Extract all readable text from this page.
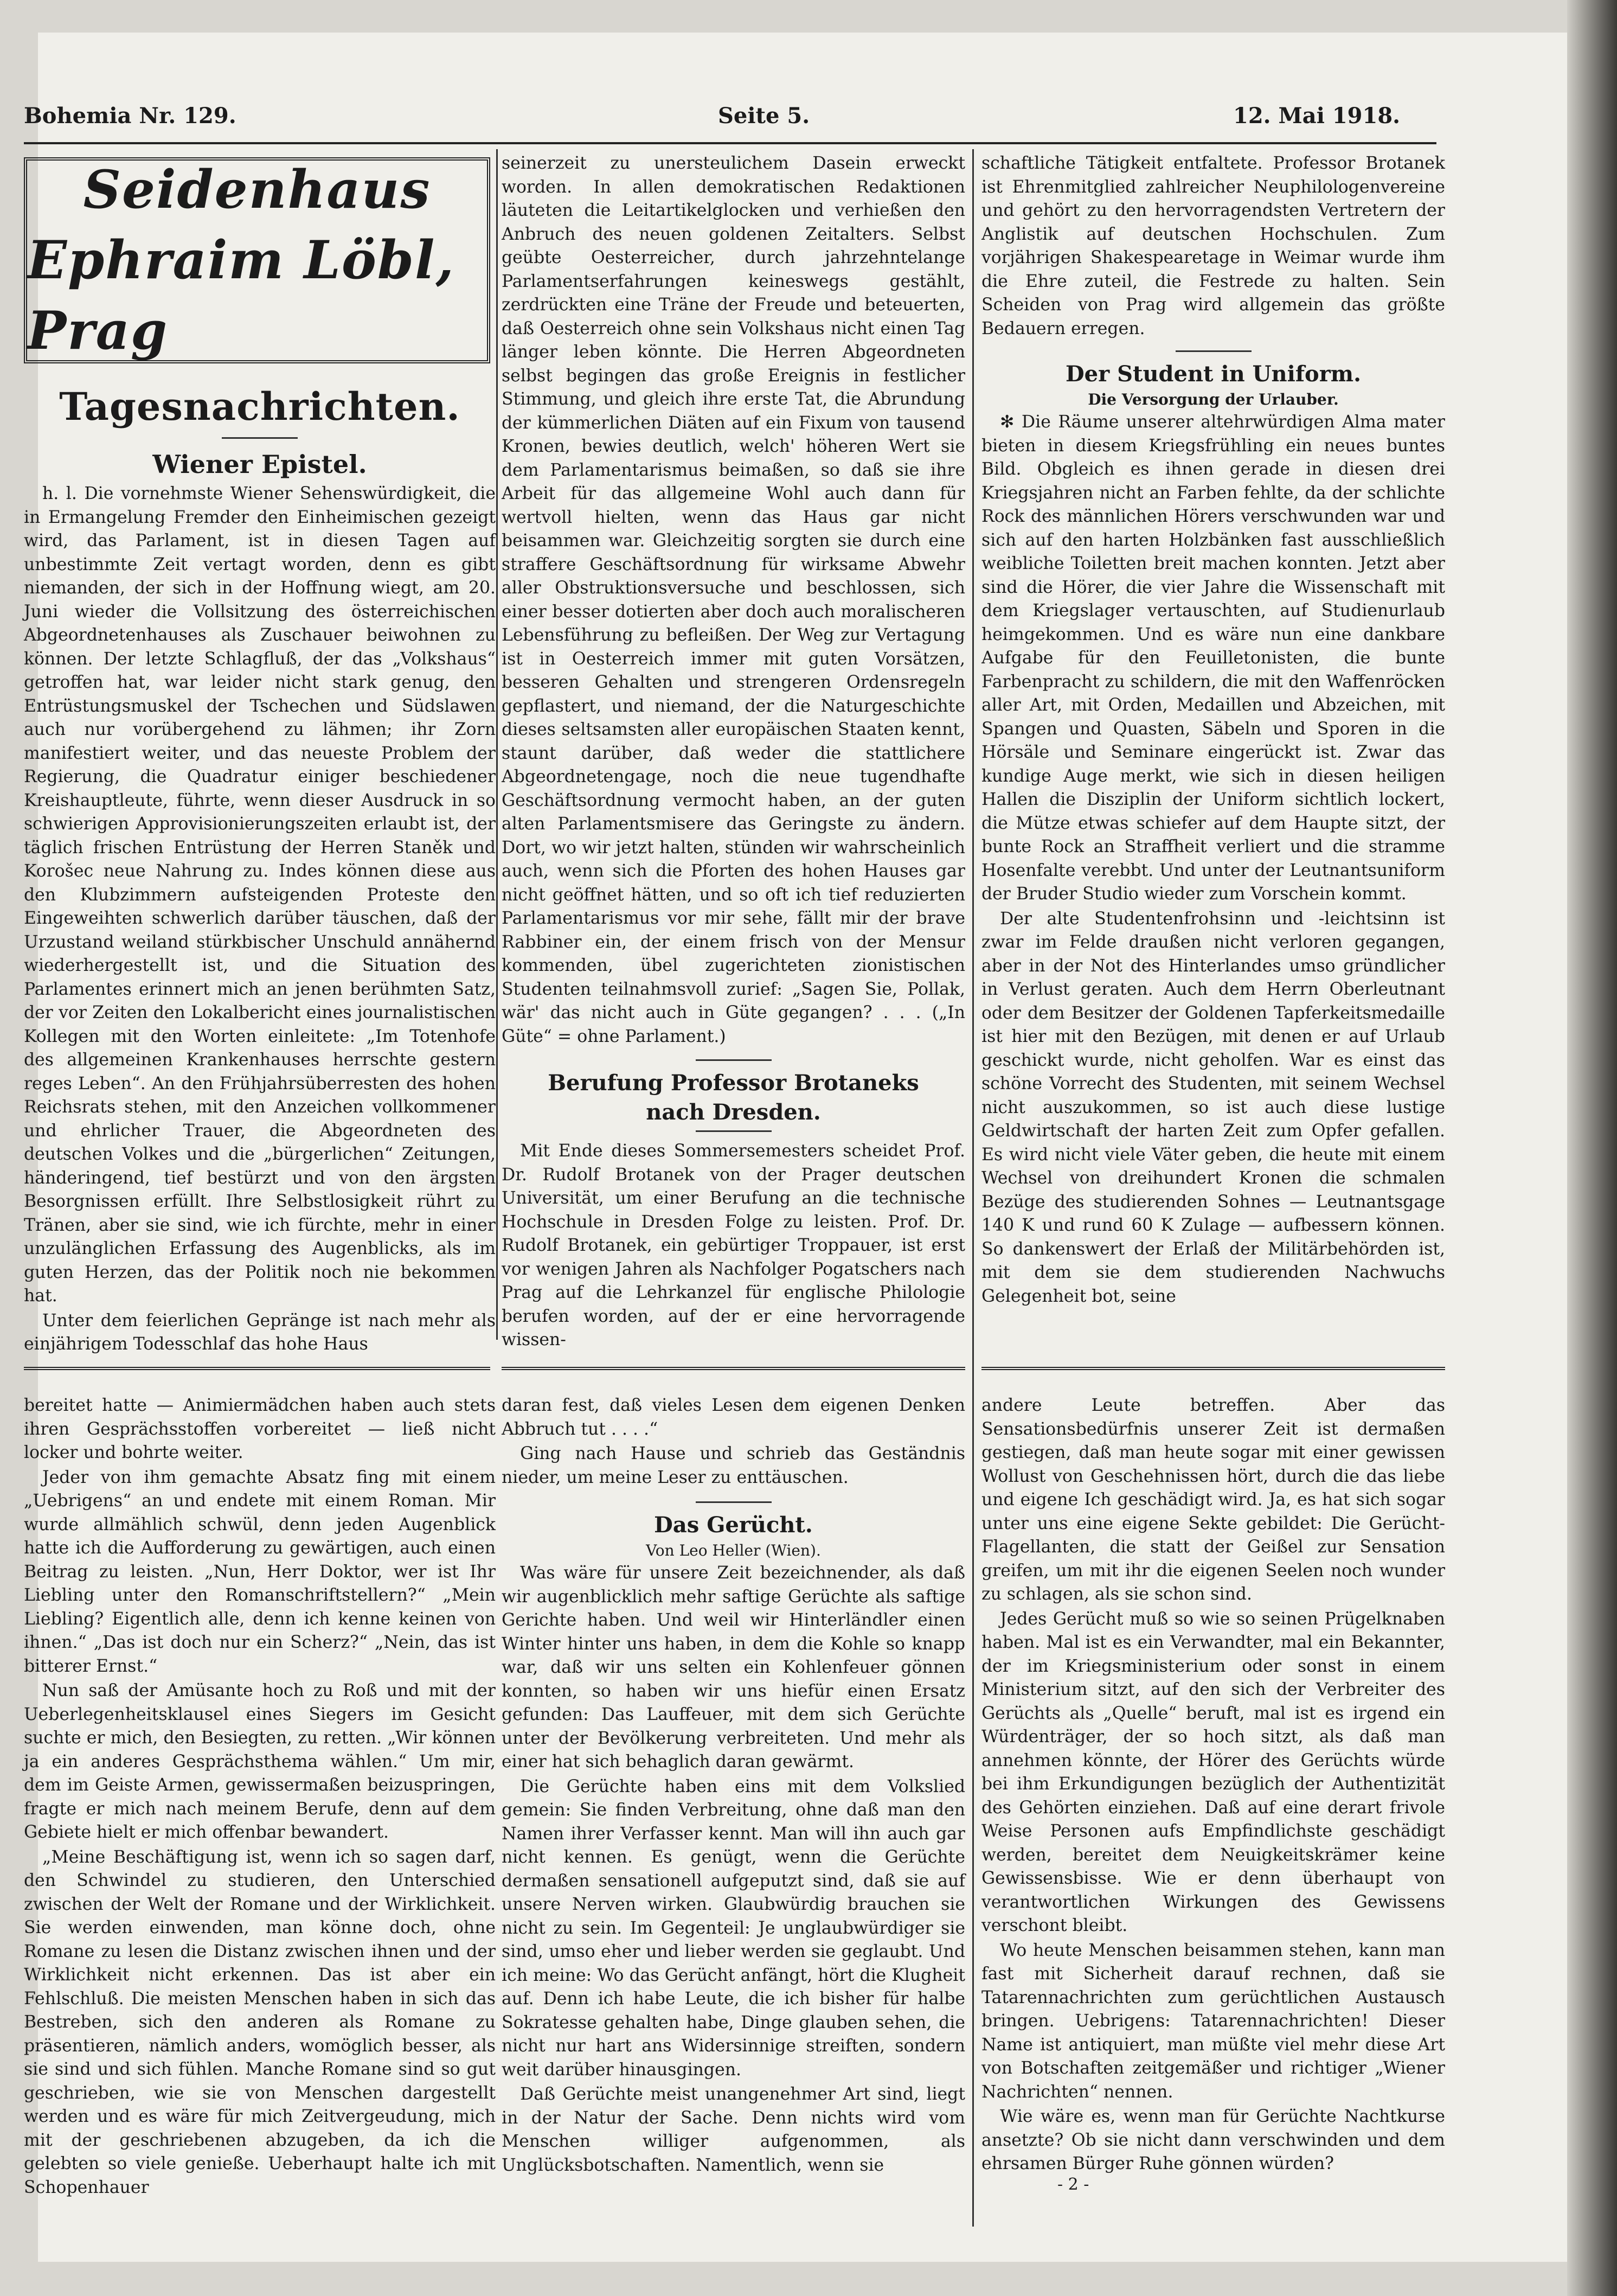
Bohemia Nr. 129.	Seite 5.	12. Mai 1918.
Seidenhaus
Ephraim Löbl, Prag
Tagesnachrichten.
Wiener Epistel.

h. l. Die vornehmste Wiener Sehenswürdigkeit, die in Ermangelung Fremder den Einheimischen gezeigt wird, das Parlament, ist in diesen Tagen auf unbestimmte Zeit vertagt worden, denn es gibt niemanden, der sich in der Hoffnung wiegt, am 20. Juni wieder die Vollsitzung des österreichischen Abgeordnetenhauses als Zuschauer beiwohnen zu können. Der letzte Schlagfluß, der das „Volkshaus“ getroffen hat, war leider nicht stark genug, den Entrüstungsmuskel der Tschechen und Südslawen auch nur vorübergehend zu lähmen; ihr Zorn manifestiert weiter, und das neueste Problem der Regierung, die Quadratur einiger beschiedener Kreishauptleute, führte, wenn dieser Ausdruck in so schwierigen Approvisionierungszeiten erlaubt ist, der täglich frischen Entrüstung der Herren Staněk und Korošec neue Nahrung zu. Indes können diese aus den Klubzimmern aufsteigenden Proteste den Eingeweihten schwerlich darüber täuschen, daß der Urzustand weiland stürkbischer Unschuld annähernd wiederhergestellt ist, und die Situation des Parlamentes erinnert mich an jenen berühmten Satz, der vor Zeiten den Lokalbericht eines journalistischen Kollegen mit den Worten einleitete: „Im Totenhofe des allgemeinen Krankenhauses herrschte gestern reges Leben“. An den Frühjahrsüberresten des hohen Reichsrats stehen, mit den Anzeichen vollkommener und ehrlicher Trauer, die Abgeordneten des deutschen Volkes und die „bürgerlichen“ Zeitungen, händeringend, tief bestürzt und von den ärgsten Besorgnissen erfüllt. Ihre Selbstlosigkeit rührt zu Tränen, aber sie sind, wie ich fürchte, mehr in einer unzulänglichen Erfassung des Augenblicks, als im guten Herzen, das der Politik noch nie bekommen hat.

Unter dem feierlichen Gepränge ist nach mehr als einjährigem Todesschlaf das hohe Haus

seinerzeit zu unersteulichem Dasein erweckt worden. In allen demokratischen Redaktionen läuteten die Leitartikelglocken und verhießen den Anbruch des neuen goldenen Zeitalters. Selbst geübte Oesterreicher, durch jahrzehntelange Parlamentserfahrungen keineswegs gestählt, zerdrückten eine Träne der Freude und beteuerten, daß Oesterreich ohne sein Volkshaus nicht einen Tag länger leben könnte. Die Herren Abgeordneten selbst begingen das große Ereignis in festlicher Stimmung, und gleich ihre erste Tat, die Abrundung der kümmerlichen Diäten auf ein Fixum von tausend Kronen, bewies deutlich, welch' höheren Wert sie dem Parlamentarismus beimaßen, so daß sie ihre Arbeit für das allgemeine Wohl auch dann für wertvoll hielten, wenn das Haus gar nicht beisammen war. Gleichzeitig sorgten sie durch eine straffere Geschäftsordnung für wirksame Abwehr aller Obstruktionsversuche und beschlossen, sich einer besser dotierten aber doch auch moralischeren Lebensführung zu befleißen. Der Weg zur Vertagung ist in Oesterreich immer mit guten Vorsätzen, besseren Gehalten und strengeren Ordensregeln gepflastert, und niemand, der die Naturgeschichte dieses seltsamsten aller europäischen Staaten kennt, staunt darüber, daß weder die stattlichere Abgeordnetengage, noch die neue tugendhafte Geschäftsordnung vermocht haben, an der guten alten Parlamentsmisere das Geringste zu ändern. Dort, wo wir jetzt halten, stünden wir wahrscheinlich auch, wenn sich die Pforten des hohen Hauses gar nicht geöffnet hätten, und so oft ich tief reduzierten Parlamentarismus vor mir sehe, fällt mir der brave Rabbiner ein, der einem frisch von der Mensur kommenden, übel zugerichteten zionistischen Studenten teilnahmsvoll zurief: „Sagen Sie, Pollak, wär' das nicht auch in Güte gegangen? . . . („In Güte“ = ohne Parlament.)

Berufung Professor Brotaneks
nach Dresden.

Mit Ende dieses Sommersemesters scheidet Prof. Dr. Rudolf Brotanek von der Prager deutschen Universität, um einer Berufung an die technische Hochschule in Dresden Folge zu leisten. Prof. Dr. Rudolf Brotanek, ein gebürtiger Troppauer, ist erst vor wenigen Jahren als Nachfolger Pogatschers nach Prag auf die Lehrkanzel für englische Philologie berufen worden, auf der er eine hervorragende wissen-

schaftliche Tätigkeit entfaltete. Professor Brotanek ist Ehrenmitglied zahlreicher Neuphilologenvereine und gehört zu den hervorragendsten Vertretern der Anglistik auf deutschen Hochschulen. Zum vorjährigen Shakespearetage in Weimar wurde ihm die Ehre zuteil, die Festrede zu halten. Sein Scheiden von Prag wird allgemein das größte Bedauern erregen.

Der Student in Uniform.
Die Versorgung der Urlauber.

✻ Die Räume unserer altehrwürdigen Alma mater bieten in diesem Kriegsfrühling ein neues buntes Bild. Obgleich es ihnen gerade in diesen drei Kriegsjahren nicht an Farben fehlte, da der schlichte Rock des männlichen Hörers verschwunden war und sich auf den harten Holzbänken fast ausschließlich weibliche Toiletten breit machen konnten. Jetzt aber sind die Hörer, die vier Jahre die Wissenschaft mit dem Kriegslager vertauschten, auf Studienurlaub heimgekommen. Und es wäre nun eine dankbare Aufgabe für den Feuilletonisten, die bunte Farbenpracht zu schildern, die mit den Waffenröcken aller Art, mit Orden, Medaillen und Abzeichen, mit Spangen und Quasten, Säbeln und Sporen in die Hörsäle und Seminare eingerückt ist. Zwar das kundige Auge merkt, wie sich in diesen heiligen Hallen die Disziplin der Uniform sichtlich lockert, die Mütze etwas schiefer auf dem Haupte sitzt, der bunte Rock an Straffheit verliert und die stramme Hosenfalte verebbt. Und unter der Leutnantsuniform der Bruder Studio wieder zum Vorschein kommt.

Der alte Studentenfrohsinn und -leichtsinn ist zwar im Felde draußen nicht verloren gegangen, aber in der Not des Hinterlandes umso gründlicher in Verlust geraten. Auch dem Herrn Oberleutnant oder dem Besitzer der Goldenen Tapferkeitsmedaille ist hier mit den Bezügen, mit denen er auf Urlaub geschickt wurde, nicht geholfen. War es einst das schöne Vorrecht des Studenten, mit seinem Wechsel nicht auszukommen, so ist auch diese lustige Geldwirtschaft der harten Zeit zum Opfer gefallen. Es wird nicht viele Väter geben, die heute mit einem Wechsel von dreihundert Kronen die schmalen Bezüge des studierenden Sohnes — Leutnantsgage 140 K und rund 60 K Zulage — aufbessern können. So dankenswert der Erlaß der Militärbehörden ist, mit dem sie dem studierenden Nachwuchs Gelegenheit bot, seine

bereitet hatte — Animiermädchen haben auch stets ihren Gesprächsstoffen vorbereitet — ließ nicht locker und bohrte weiter.

Jeder von ihm gemachte Absatz fing mit einem „Uebrigens“ an und endete mit einem Roman. Mir wurde allmählich schwül, denn jeden Augenblick hatte ich die Aufforderung zu gewärtigen, auch einen Beitrag zu leisten. „Nun, Herr Doktor, wer ist Ihr Liebling unter den Romanschriftstellern?“ „Mein Liebling? Eigentlich alle, denn ich kenne keinen von ihnen.“ „Das ist doch nur ein Scherz?“ „Nein, das ist bitterer Ernst.“

Nun saß der Amüsante hoch zu Roß und mit der Ueberlegenheitsklausel eines Siegers im Gesicht suchte er mich, den Besiegten, zu retten. „Wir können ja ein anderes Gesprächsthema wählen.“ Um mir, dem im Geiste Armen, gewissermaßen beizuspringen, fragte er mich nach meinem Berufe, denn auf dem Gebiete hielt er mich offenbar bewandert.

„Meine Beschäftigung ist, wenn ich so sagen darf, den Schwindel zu studieren, den Unterschied zwischen der Welt der Romane und der Wirklichkeit. Sie werden einwenden, man könne doch, ohne Romane zu lesen die Distanz zwischen ihnen und der Wirklichkeit nicht erkennen. Das ist aber ein Fehlschluß. Die meisten Menschen haben in sich das Bestreben, sich den anderen als Romane zu präsentieren, nämlich anders, womöglich besser, als sie sind und sich fühlen. Manche Romane sind so gut geschrieben, wie sie von Menschen dargestellt werden und es wäre für mich Zeitvergeudung, mich mit der geschriebenen abzugeben, da ich die gelebten so viele genieße. Ueberhaupt halte ich mit Schopenhauer

daran fest, daß vieles Lesen dem eigenen Denken Abbruch tut . . . .“

Ging nach Hause und schrieb das Geständnis nieder, um meine Leser zu enttäuschen.

Das Gerücht.
Von Leo Heller (Wien).

Was wäre für unsere Zeit bezeichnender, als daß wir augenblicklich mehr saftige Gerüchte als saftige Gerichte haben. Und weil wir Hinterländler einen Winter hinter uns haben, in dem die Kohle so knapp war, daß wir uns selten ein Kohlenfeuer gönnen konnten, so haben wir uns hiefür einen Ersatz gefunden: Das Lauffeuer, mit dem sich Gerüchte unter der Bevölkerung verbreiteten. Und mehr als einer hat sich behaglich daran gewärmt.

Die Gerüchte haben eins mit dem Volkslied gemein: Sie finden Verbreitung, ohne daß man den Namen ihrer Verfasser kennt. Man will ihn auch gar nicht kennen. Es genügt, wenn die Gerüchte dermaßen sensationell aufgeputzt sind, daß sie auf unsere Nerven wirken. Glaubwürdig brauchen sie nicht zu sein. Im Gegenteil: Je unglaubwürdiger sie sind, umso eher und lieber werden sie geglaubt. Und ich meine: Wo das Gerücht anfängt, hört die Klugheit auf. Denn ich habe Leute, die ich bisher für halbe Sokratesse gehalten habe, Dinge glauben sehen, die nicht nur hart ans Widersinnige streiften, sondern weit darüber hinausgingen.

Daß Gerüchte meist unangenehmer Art sind, liegt in der Natur der Sache. Denn nichts wird vom Menschen williger aufgenommen, als Unglücksbotschaften. Namentlich, wenn sie

andere Leute betreffen. Aber das Sensationsbedürfnis unserer Zeit ist dermaßen gestiegen, daß man heute sogar mit einer gewissen Wollust von Geschehnissen hört, durch die das liebe und eigene Ich geschädigt wird. Ja, es hat sich sogar unter uns eine eigene Sekte gebildet: Die Gerücht-Flagellanten, die statt der Geißel zur Sensation greifen, um mit ihr die eigenen Seelen noch wunder zu schlagen, als sie schon sind.

Jedes Gerücht muß so wie so seinen Prügelknaben haben. Mal ist es ein Verwandter, mal ein Bekannter, der im Kriegsministerium oder sonst in einem Ministerium sitzt, auf den sich der Verbreiter des Gerüchts als „Quelle“ beruft, mal ist es irgend ein Würdenträger, der so hoch sitzt, als daß man annehmen könnte, der Hörer des Gerüchts würde bei ihm Erkundigungen bezüglich der Authentizität des Gehörten einziehen. Daß auf eine derart frivole Weise Personen aufs Empfindlichste geschädigt werden, bereitet dem Neuigkeitskrämer keine Gewissensbisse. Wie er denn überhaupt von verantwortlichen Wirkungen des Gewissens verschont bleibt.

Wo heute Menschen beisammen stehen, kann man fast mit Sicherheit darauf rechnen, daß sie Tatarennachrichten zum gerüchtlichen Austausch bringen. Uebrigens: Tatarennachrichten! Dieser Name ist antiquiert, man müßte viel mehr diese Art von Botschaften zeitgemäßer und richtiger „Wiener Nachrichten“ nennen.

Wie wäre es, wenn man für Gerüchte Nachtkurse ansetzte? Ob sie nicht dann verschwinden und dem ehrsamen Bürger Ruhe gönnen würden?

- 2 -
